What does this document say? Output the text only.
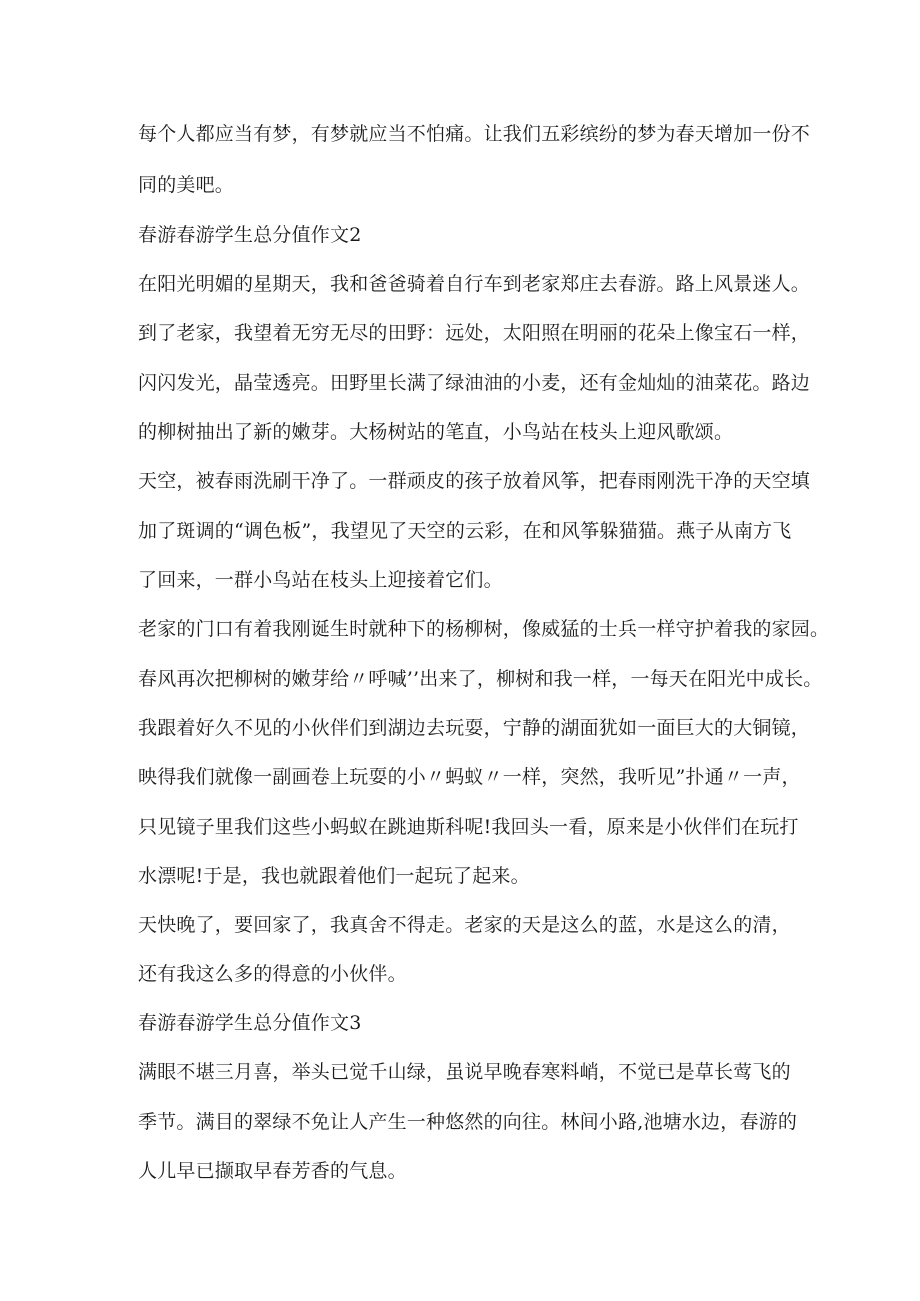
每个人都应当有梦，有梦就应当不怕痛。让我们五彩缤纷的梦为春天增加一份不
同的美吧。
春游春游学生总分值作文2
在阳光明媚的星期天，我和爸爸骑着自行车到老家郑庄去春游。路上风景迷人。
到了老家，我望着无穷无尽的田野：远处，太阳照在明丽的花朵上像宝石一样，
闪闪发光，晶莹透亮。田野里长满了绿油油的小麦，还有金灿灿的油菜花。路边
的柳树抽出了新的嫩芽。大杨树站的笔直，小鸟站在枝头上迎风歌颂。
天空，被春雨洗刷干净了。一群顽皮的孩子放着风筝，把春雨刚洗干净的天空填
加了斑调的“调色板”，我望见了天空的云彩，在和风筝躲猫猫。燕子从南方飞
了回来，一群小鸟站在枝头上迎接着它们。
老家的门口有着我刚诞生时就种下的杨柳树，像威猛的士兵一样守护着我的家园。
春风再次把柳树的嫩芽给〃呼喊’’出来了，柳树和我一样，一每天在阳光中成长。
我跟着好久不见的小伙伴们到湖边去玩耍，宁静的湖面犹如一面巨大的大铜镜，
映得我们就像一副画卷上玩耍的小〃蚂蚁〃一样，突然，我听见”扑通〃一声，
只见镜子里我们这些小蚂蚁在跳迪斯科呢!我回头一看，原来是小伙伴们在玩打
水漂呢!于是，我也就跟着他们一起玩了起来。
天快晚了，要回家了，我真舍不得走。老家的天是这么的蓝，水是这么的清，
还有我这么多的得意的小伙伴。
春游春游学生总分值作文3
满眼不堪三月喜，举头已觉千山绿，虽说早晚春寒料峭，不觉已是草长莺飞的
季节。满目的翠绿不免让人产生一种悠然的向往。林间小路,池塘水边，春游的
人儿早已撷取早春芳香的气息。
